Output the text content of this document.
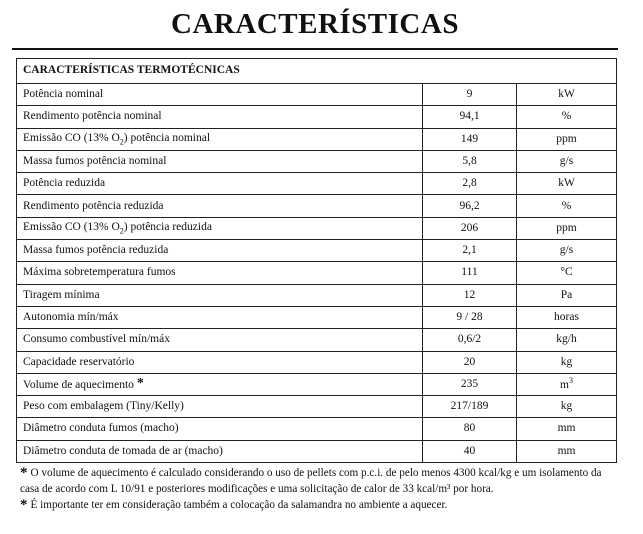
CARACTERÍSTICAS
CARACTERÍSTICAS TERMOTÉCNICAS		
Potência nominal	9	kW
Rendimento potência nominal	94,1	%
Emissão CO (13% $O_2$) potência nominal	149	ppm
Massa fumos potência nominal	5,8	g/s
Potência reduzida	2,8	kW
Rendimento potência reduzida	96,2	%
Emissão CO (13% $O_2$) potência reduzida	206	ppm
Massa fumos potência reduzida	2,1	g/s
Máxima sobretemperatura fumos	111	°C
Tiragem mínima	12	Pa
Autonomia mín/máx	9 / 28	horas
Consumo combustível mín/máx	0,6/2	kg/h
Capacidade reservatório	20	kg
Volume de aquecimento *	235	$m^3$
Peso com embalagem (Tiny/Kelly)	217/189	kg
Diâmetro conduta fumos (macho)	80	mm
Diâmetro conduta de tomada de ar (macho)	40	mm

* O volume de aquecimento é calculado considerando o uso de pellets com p.c.i. de pelo menos 4300 kcal/kg e um isolamento da casa de acordo com L 10/91 e posteriores modificações e uma solicitação de calor de 33 kcal/m³ por hora.

* É importante ter em consideração também a colocação da salamandra no ambiente a aquecer.
